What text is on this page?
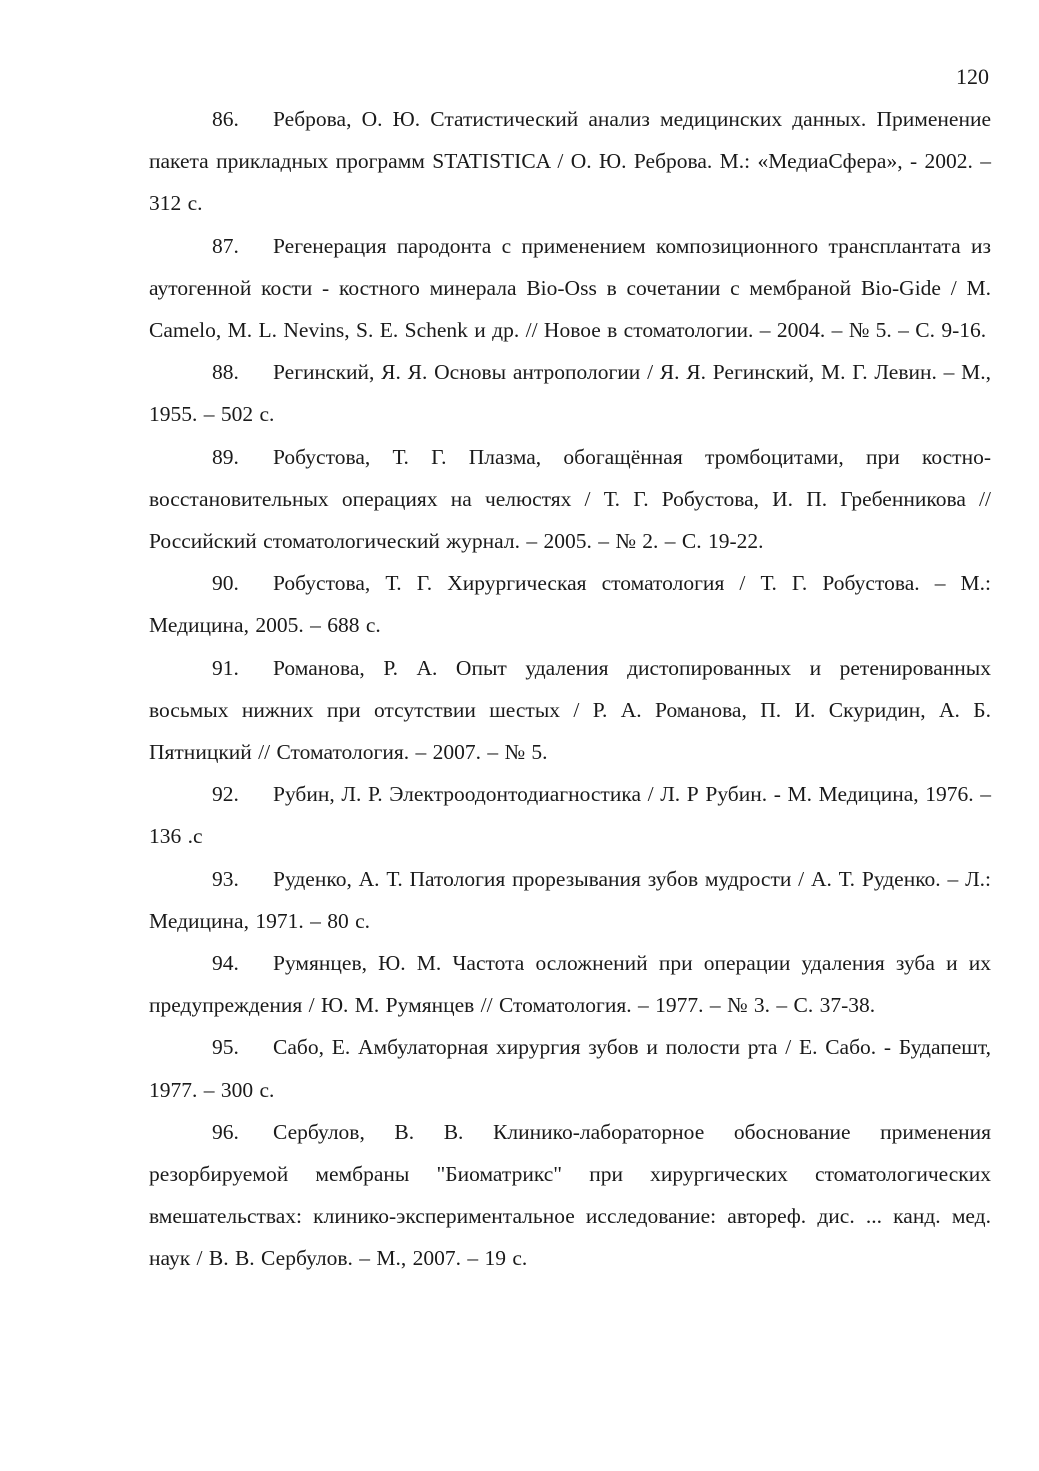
120

86. Реброва, О. Ю. Статистический анализ медицинских данных. Применение пакета прикладных программ STATISTICA / О. Ю. Реброва. М.: «МедиаСфера», - 2002. – 312 с.

87. Регенерация пародонта с применением композиционного трансплантата из аутогенной кости - костного минерала Bio-Oss в сочетании с мембраной Bio-Gide / M. Camelo, M. L. Nevins, S. E. Schenk и др. // Новое в стоматологии. – 2004. – № 5. – С. 9-16.

88. Регинский, Я. Я. Основы антропологии / Я. Я. Регинский, М. Г. Левин. – М., 1955. – 502 с.

89. Робустова, Т. Г. Плазма, обогащённая тромбоцитами, при костно-восстановительных операциях на челюстях / Т. Г. Робустова, И. П. Гребенникова // Российский стоматологический журнал. – 2005. – № 2. – С. 19-22.

90. Робустова, Т. Г. Хирургическая стоматология / Т. Г. Робустова. – М.: Медицина, 2005. – 688 с.

91. Романова, Р. А. Опыт удаления дистопированных и ретенированных восьмых нижних при отсутствии шестых / Р. А. Романова, П. И. Скуридин, А. Б. Пятницкий // Стоматология. – 2007. – № 5.

92. Рубин, Л. Р. Электроодонтодиагностика / Л. Р Рубин. - М. Медицина, 1976. – 136 .с

93. Руденко, А. Т. Патология прорезывания зубов мудрости / А. Т. Руденко. – Л.: Медицина, 1971. – 80 с.

94. Румянцев, Ю. М. Частота осложнений при операции удаления зуба и их предупреждения / Ю. М. Румянцев // Стоматология. – 1977. – № 3. – С. 37-38.

95. Сабо, Е. Амбулаторная хирургия зубов и полости рта / Е. Сабо. - Будапешт, 1977. – 300 с.

96. Сербулов, В. В. Клинико-лабораторное обоснование применения резорбируемой мембраны "Биоматрикс" при хирургических стоматологических вмешательствах: клинико-экспериментальное исследование: автореф. дис. ... канд. мед. наук / В. В. Сербулов. – М., 2007. – 19 с.
